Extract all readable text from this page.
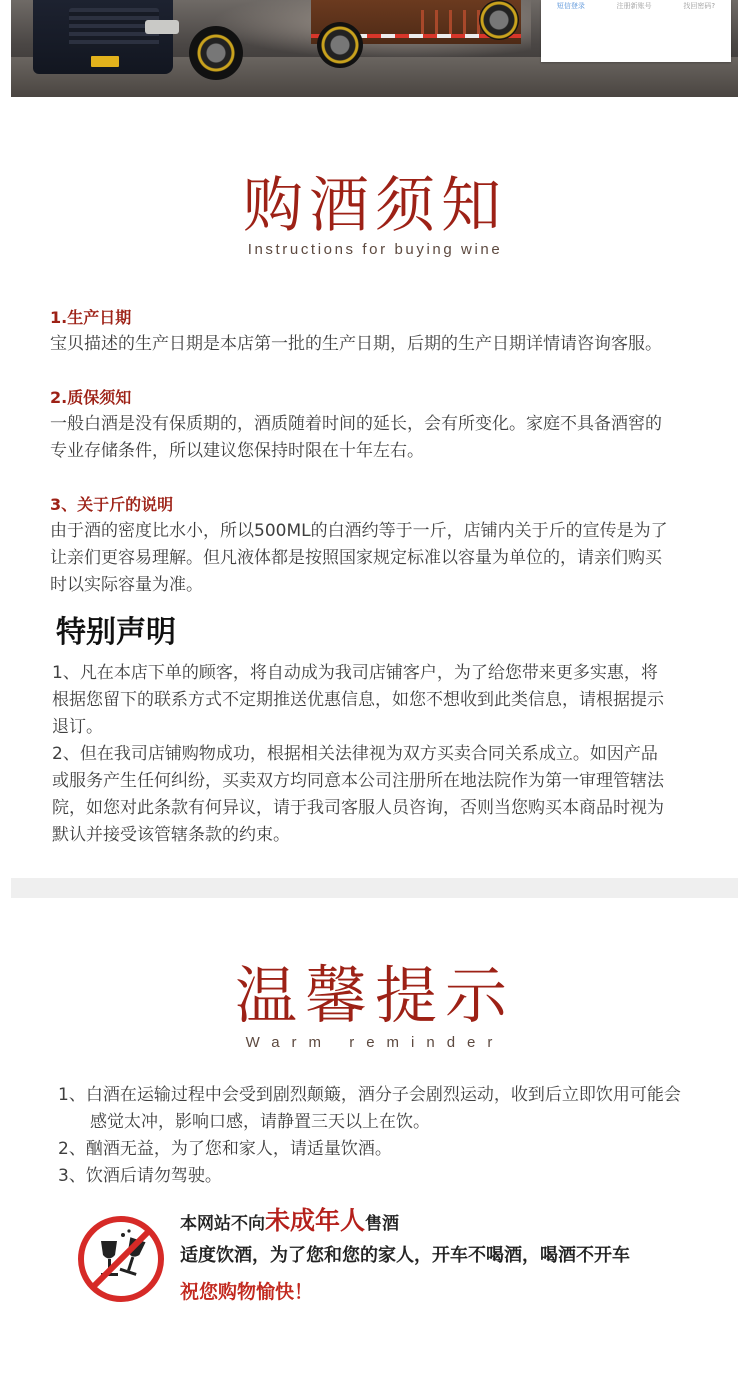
短信登录	注册新账号	找回密码?
购酒须知
Instructions for buying wine
1.生产日期
宝贝描述的生产日期是本店第一批的生产日期，后期的生产日期详情请咨询客服。
2.质保须知
一般白酒是没有保质期的，酒质随着时间的延长，会有所变化。家庭不具备酒窖的
专业存储条件，所以建议您保持时限在十年左右。
3、关于斤的说明
由于酒的密度比水小，所以500ML的白酒约等于一斤，店铺内关于斤的宣传是为了
让亲们更容易理解。但凡液体都是按照国家规定标准以容量为单位的，请亲们购买
时以实际容量为准。
特别声明
1、凡在本店下单的顾客，将自动成为我司店铺客户，为了给您带来更多实惠，将
根据您留下的联系方式不定期推送优惠信息，如您不想收到此类信息，请根据提示
退订。
2、但在我司店铺购物成功，根据相关法律视为双方买卖合同关系成立。如因产品
或服务产生任何纠纷，买卖双方均同意本公司注册所在地法院作为第一审理管辖法
院，如您对此条款有何异议，请于我司客服人员咨询，否则当您购买本商品时视为
默认并接受该管辖条款的约束。
温馨提示
Warm reminder
1、白酒在运输过程中会受到剧烈颠簸，酒分子会剧烈运动，收到后立即饮用可能会
感觉太冲，影响口感，请静置三天以上在饮。
2、酗酒无益，为了您和家人，请适量饮酒。
3、饮酒后请勿驾驶。
本网站不向未成年人售酒
适度饮酒，为了您和您的家人，开车不喝酒，喝酒不开车
祝您购物愉快！
